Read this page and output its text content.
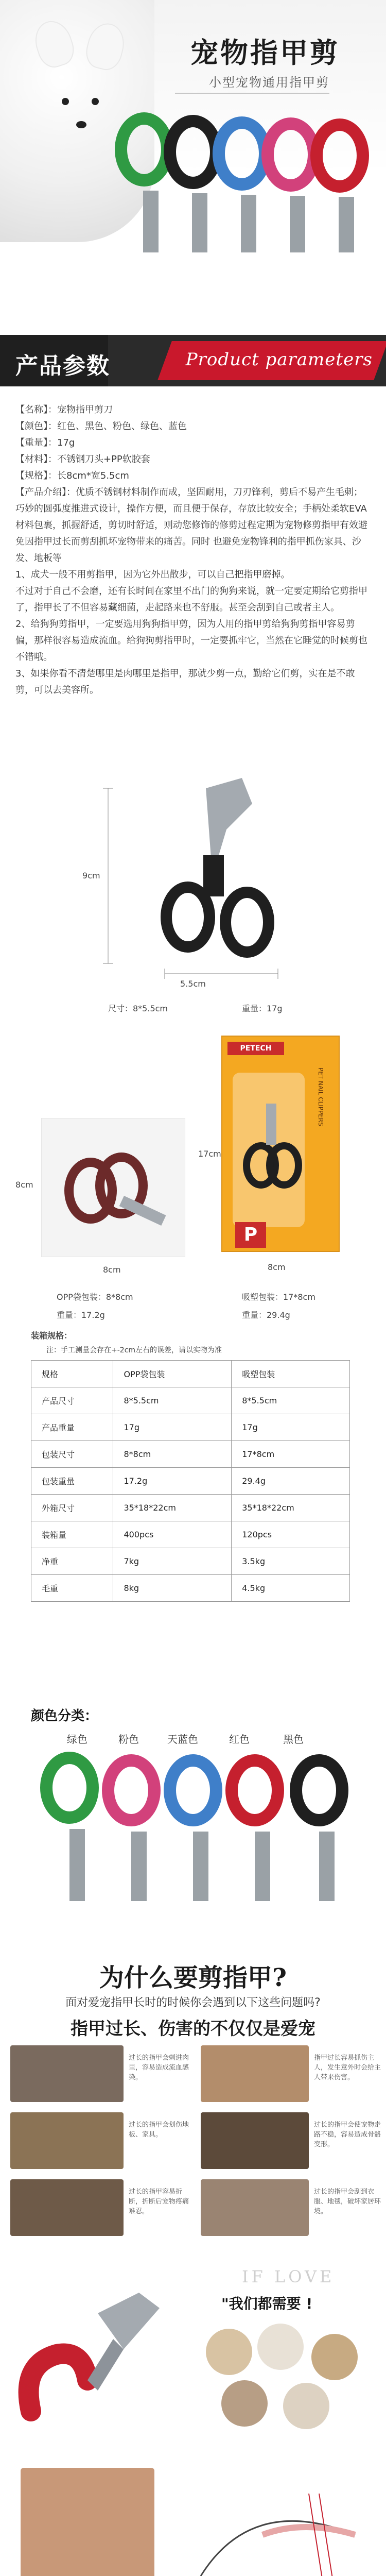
宠物指甲剪
小型宠物通用指甲剪
产品参数	Product parameters
【名称】：宠物指甲剪刀
【颜色】：红色、黑色、粉色、绿色、蓝色
【重量】：17g
【材料】：不锈钢刀头+PP软胶套
【规格】：长8cm*宽5.5cm
【产品介绍】：优质不锈钢材料制作而成，坚固耐用，刀刃锋利，剪后不易产生毛刺；巧妙的圆弧度推进式设计，操作方便，而且便于保存，存放比较安全；手柄处柔软EVA材料包裹，抓握舒适，剪切时舒适，则动您修饰的修剪过程定期为宠物修剪指甲有效避免因指甲过长而剪刮抓坏宠物带来的痛苦。同时 也避免宠物锋利的指甲抓伤家具、沙发、地板等
1、成犬一般不用剪指甲，因为它外出散步，可以自己把指甲磨掉。
不过对于自己不会磨，还有长时间在家里不出门的狗狗来说，就一定要定期给它剪指甲了，指甲长了不但容易藏细菌，走起路来也不舒服。甚至会刮到自己或者主人。
2、给狗狗剪指甲，一定要选用狗狗指甲剪，因为人用的指甲剪给狗狗剪指甲容易剪偏，那样很容易造成流血。给狗狗剪指甲时，一定要抓牢它，当然在它睡觉的时候剪也不错哦。
3、如果你看不清楚哪里是肉哪里是指甲，那就少剪一点，勤给它们剪，实在是不敢剪，可以去美容所。
9cm
5.5cm
尺寸：8*5.5cm	重量：17g
8cm
8cm
PETECH
PET NAIL CLIPPERS
P
17cm
8cm
OPP袋包装：8*8cm
重量：17.2g
吸塑包装：17*8cm
重量：29.4g
装箱规格：
注：手工测量会存在+-2cm左右的误差，请以实物为准
规格	OPP袋包装	吸塑包装
产品尺寸	8*5.5cm	8*5.5cm
产品重量	17g	17g
包装尺寸	8*8cm	17*8cm
包装重量	17.2g	29.4g
外箱尺寸	35*18*22cm	35*18*22cm
装箱量	400pcs	120pcs
净重	7kg	3.5kg
毛重	8kg	4.5kg
颜色分类：
绿色	粉色	天蓝色	红色	黑色
为什么要剪指甲?
面对爱宠指甲长时的时候你会遇到以下这些问题吗?
指甲过长、伤害的不仅仅是爱宠
过长的指甲会刺进肉里，容易造成流血感染。
指甲过长容易抓伤主人，发生意外时会给主人带来伤害。
过长的指甲会划伤地板、家具。
过长的指甲会使宠物走路不稳，容易造成骨骼变形。
过长的指甲容易折断，折断后宠物疼痛难忍。
过长的指甲会刮到衣服、地毯，破坏家居环境。
IF LOVE
"我们都需要 !
